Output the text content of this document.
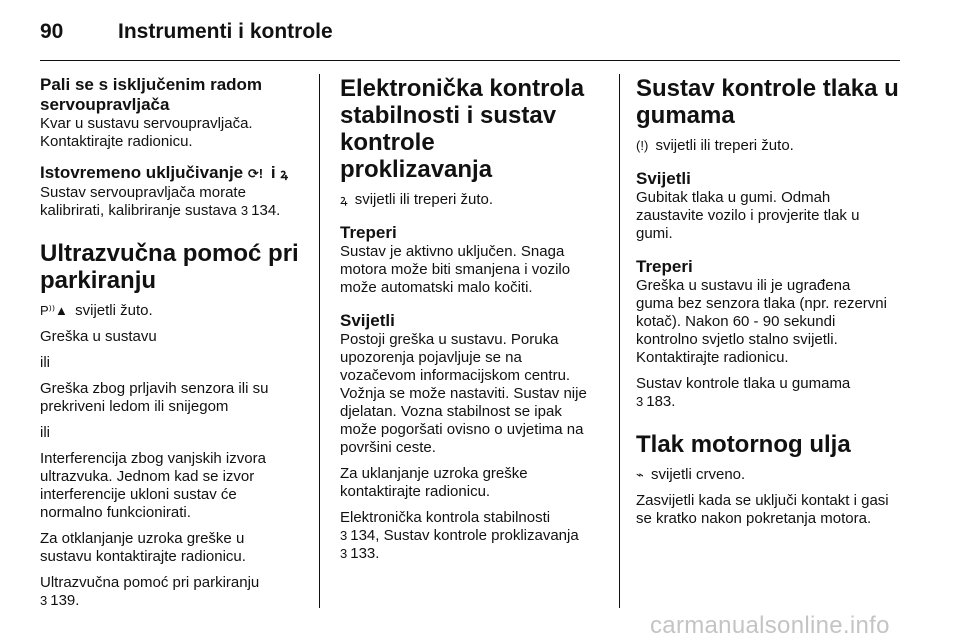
90	Instrumenti i kontrole
Pali se s isključenim radom
servoupravljača

Kvar u sustavu servoupravljača.
Kontaktirajte radionicu.

Istovremeno uključivanje ⟳! i ꝝ

Sustav servoupravljača morate
kalibrirati, kalibriranje sustava 3 134.

Ultrazvučna pomoć pri
parkiranju

P⁾⁾▲ svijetli žuto.

Greška u sustavu

ili

Greška zbog prljavih senzora ili su
prekriveni ledom ili snijegom

ili

Interferencija zbog vanjskih izvora
ultrazvuka. Jednom kad se izvor
interferencije ukloni sustav će
normalno funkcionirati.

Za otklanjanje uzroka greške u
sustavu kontaktirajte radionicu.

Ultrazvučna pomoć pri parkiranju
3 139.

Elektronička kontrola
stabilnosti i sustav kontrole
proklizavanja

ꝝ svijetli ili treperi žuto.

Treperi

Sustav je aktivno uključen. Snaga
motora može biti smanjena i vozilo
može automatski malo kočiti.

Svijetli

Postoji greška u sustavu. Poruka
upozorenja pojavljuje se na
vozačevom informacijskom centru.
Vožnja se može nastaviti. Sustav nije
djelatan. Vozna stabilnost se ipak
može pogoršati ovisno o uvjetima na
površini ceste.

Za uklanjanje uzroka greške
kontaktirajte radionicu.

Elektronička kontrola stabilnosti
3 134, Sustav kontrole proklizavanja
3 133.

Sustav kontrole tlaka u
gumama

(!) svijetli ili treperi žuto.

Svijetli

Gubitak tlaka u gumi. Odmah
zaustavite vozilo i provjerite tlak u
gumi.

Treperi

Greška u sustavu ili je ugrađena
guma bez senzora tlaka (npr. rezervni
kotač). Nakon 60 - 90 sekundi
kontrolno svjetlo stalno svijetli.
Kontaktirajte radionicu.

Sustav kontrole tlaka u gumama
3 183.

Tlak motornog ulja

⌁ svijetli crveno.

Zasvijetli kada se uključi kontakt i gasi
se kratko nakon pokretanja motora.

carmanualsonline.info
